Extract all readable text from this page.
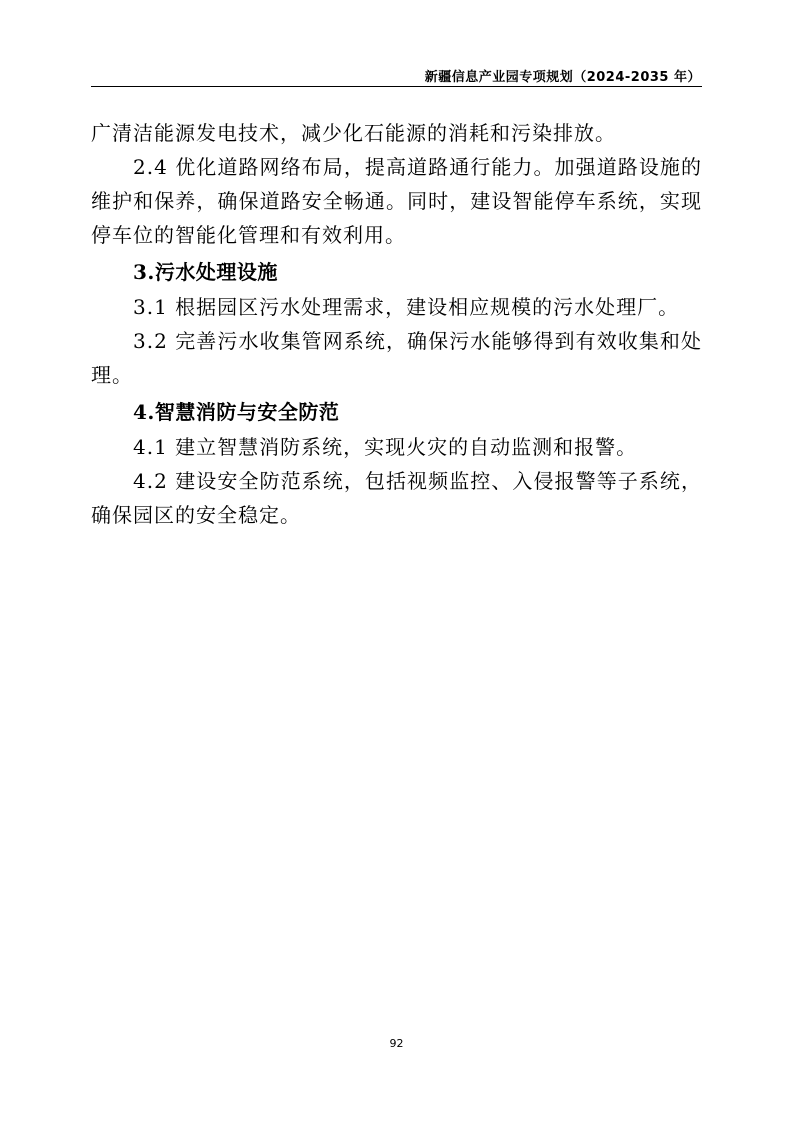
新疆信息产业园专项规划（2024-2035 年）

广清洁能源发电技术，减少化石能源的消耗和污染排放。

2.4 优化道路网络布局，提高道路通行能力。加强道路设施的维护和保养，确保道路安全畅通。同时，建设智能停车系统，实现停车位的智能化管理和有效利用。

3.污水处理设施

3.1 根据园区污水处理需求，建设相应规模的污水处理厂。

3.2 完善污水收集管网系统，确保污水能够得到有效收集和处理。

4.智慧消防与安全防范

4.1 建立智慧消防系统，实现火灾的自动监测和报警。

4.2 建设安全防范系统，包括视频监控、入侵报警等子系统，确保园区的安全稳定。

92
